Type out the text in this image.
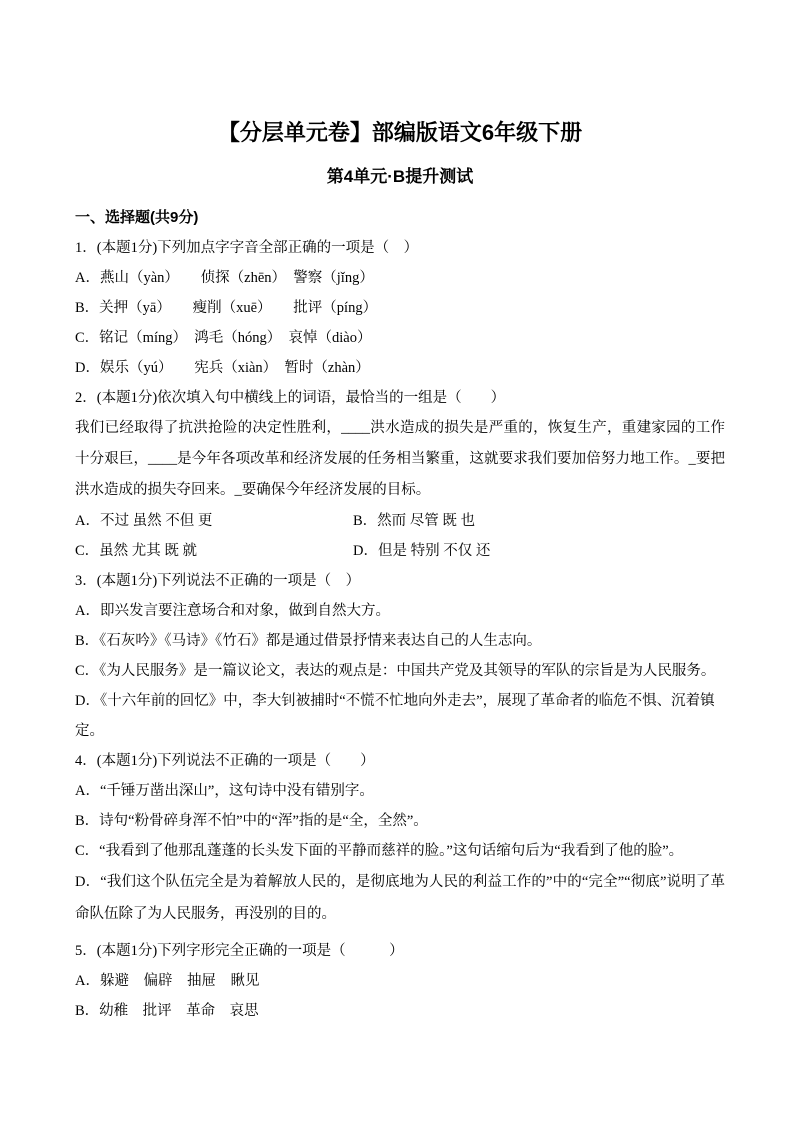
【分层单元卷】部编版语文6年级下册
第4单元·B提升测试

一、选择题(共9分)

1．(本题1分)下列加点字字音全部正确的一项是（　）

A．燕山（yàn）　　侦探（zhēn）　警察（jǐng）

B．关押（yā）　　瘦削（xuē）　　批评（píng）

C．铭记（míng）　鸿毛（hóng）　哀悼（diào）

D．娱乐（yú）　　宪兵（xiàn）　暂时（zhàn）

2．(本题1分)依次填入句中横线上的词语，最恰当的一组是（　　）

我们已经取得了抗洪抢险的决定性胜利，____洪水造成的损失是严重的，恢复生产，重建家园的工作十分艰巨，____是今年各项改革和经济发展的任务相当繁重，这就要求我们要加倍努力地工作。_要把洪水造成的损失夺回来。_要确保今年经济发展的目标。

A．不过 虽然 不但 更	B．然而 尽管 既 也

C．虽然 尤其 既 就	D．但是 特别 不仅 还

3．(本题1分)下列说法不正确的一项是（　）

A．即兴发言要注意场合和对象，做到自然大方。

B．《石灰吟》《马诗》《竹石》都是通过借景抒情来表达自己的人生志向。

C．《为人民服务》是一篇议论文，表达的观点是：中国共产党及其领导的军队的宗旨是为人民服务。

D．《十六年前的回忆》中，李大钊被捕时“不慌不忙地向外走去”，展现了革命者的临危不惧、沉着镇定。

4．(本题1分)下列说法不正确的一项是（　　）

A．“千锤万凿出深山”，这句诗中没有错别字。

B．诗句“粉骨碎身浑不怕”中的“浑”指的是“全，全然”。

C．“我看到了他那乱蓬蓬的长头发下面的平静而慈祥的脸。”这句话缩句后为“我看到了他的脸”。

D．“我们这个队伍完全是为着解放人民的，是彻底地为人民的利益工作的”中的“完全”“彻底”说明了革命队伍除了为人民服务，再没别的目的。

5．(本题1分)下列字形完全正确的一项是（　　　）

A．躲避　偏辟　抽屉　瞅见

B．幼稚　批评　革命　哀思
